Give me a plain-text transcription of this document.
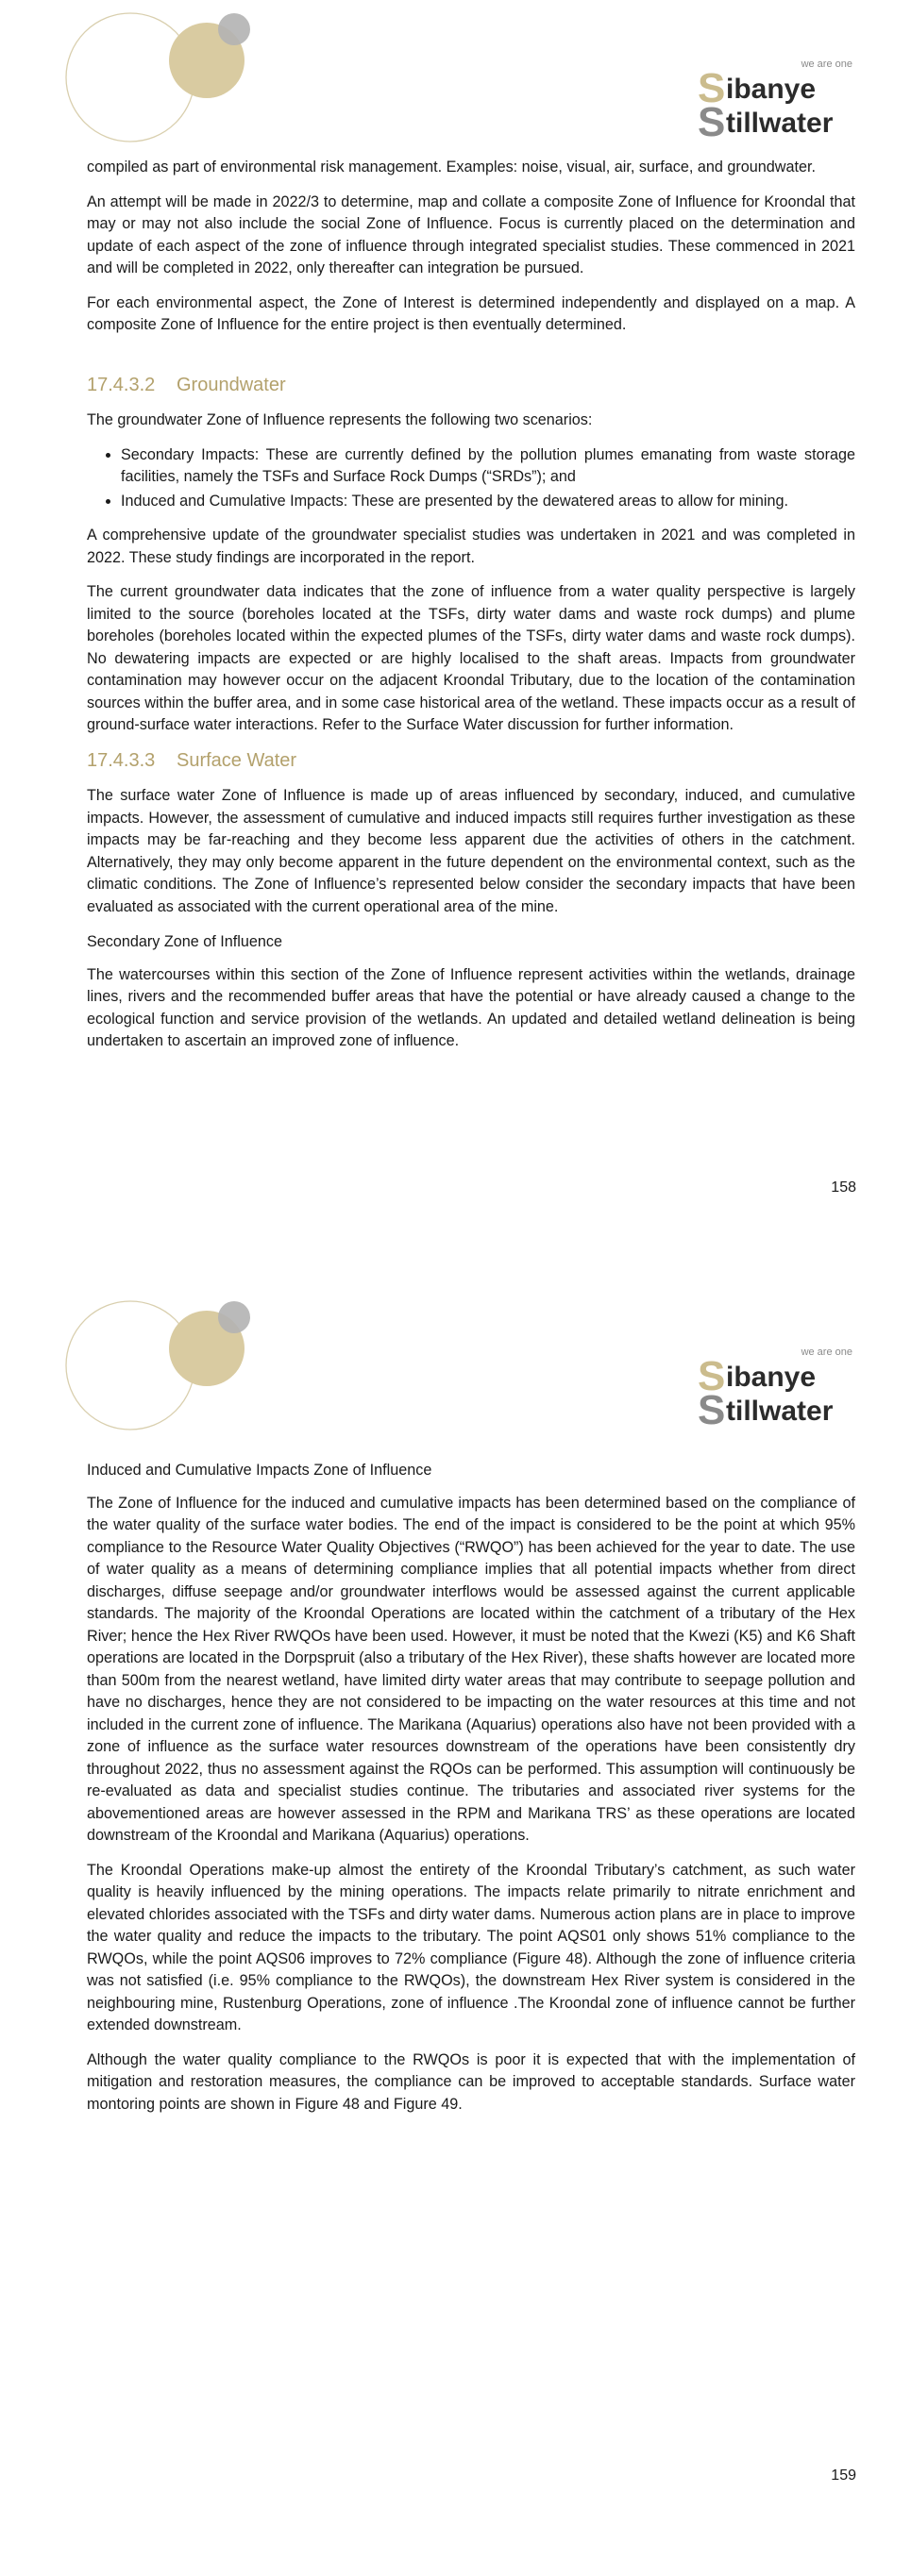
we are one
S ibanye
S tillwater

compiled as part of environmental risk management. Examples: noise, visual, air, surface, and groundwater.

An attempt will be made in 2022/3 to determine, map and collate a composite Zone of Influence for Kroondal that may or may not also include the social Zone of Influence. Focus is currently placed on the determination and update of each aspect of the zone of influence through integrated specialist studies. These commenced in 2021 and will be completed in 2022, only thereafter can integration be pursued.

For each environmental aspect, the Zone of Interest is determined independently and displayed on a map. A composite Zone of Influence for the entire project is then eventually determined.

17.4.3.2 Groundwater

The groundwater Zone of Influence represents the following two scenarios:

• Secondary Impacts: These are currently defined by the pollution plumes emanating from waste storage facilities, namely the TSFs and Surface Rock Dumps (“SRDs”); and
• Induced and Cumulative Impacts: These are presented by the dewatered areas to allow for mining.

A comprehensive update of the groundwater specialist studies was undertaken in 2021 and was completed in 2022. These study findings are incorporated in the report.

The current groundwater data indicates that the zone of influence from a water quality perspective is largely limited to the source (boreholes located at the TSFs, dirty water dams and waste rock dumps) and plume boreholes (boreholes located within the expected plumes of the TSFs, dirty water dams and waste rock dumps). No dewatering impacts are expected or are highly localised to the shaft areas. Impacts from groundwater contamination may however occur on the adjacent Kroondal Tributary, due to the location of the contamination sources within the buffer area, and in some case historical area of the wetland. These impacts occur as a result of ground-surface water interactions. Refer to the Surface Water discussion for further information.

17.4.3.3 Surface Water

The surface water Zone of Influence is made up of areas influenced by secondary, induced, and cumulative impacts. However, the assessment of cumulative and induced impacts still requires further investigation as these impacts may be far-reaching and they become less apparent due the activities of others in the catchment. Alternatively, they may only become apparent in the future dependent on the environmental context, such as the climatic conditions. The Zone of Influence’s represented below consider the secondary impacts that have been evaluated as associated with the current operational area of the mine.

Secondary Zone of Influence

The watercourses within this section of the Zone of Influence represent activities within the wetlands, drainage lines, rivers and the recommended buffer areas that have the potential or have already caused a change to the ecological function and service provision of the wetlands. An updated and detailed wetland delineation is being undertaken to ascertain an improved zone of influence.

158
we are one
S ibanye
S tillwater
Induced and Cumulative Impacts Zone of Influence

The Zone of Influence for the induced and cumulative impacts has been determined based on the compliance of the water quality of the surface water bodies. The end of the impact is considered to be the point at which 95% compliance to the Resource Water Quality Objectives (“RWQO”) has been achieved for the year to date. The use of water quality as a means of determining compliance implies that all potential impacts whether from direct discharges, diffuse seepage and/or groundwater interflows would be assessed against the current applicable standards. The majority of the Kroondal Operations are located within the catchment of a tributary of the Hex River; hence the Hex River RWQOs have been used. However, it must be noted that the Kwezi (K5) and K6 Shaft operations are located in the Dorpspruit (also a tributary of the Hex River), these shafts however are located more than 500m from the nearest wetland, have limited dirty water areas that may contribute to seepage pollution and have no discharges, hence they are not considered to be impacting on the water resources at this time and not included in the current zone of influence. The Marikana (Aquarius) operations also have not been provided with a zone of influence as the surface water resources downstream of the operations have been consistently dry throughout 2022, thus no assessment against the RQOs can be performed. This assumption will continuously be re-evaluated as data and specialist studies continue. The tributaries and associated river systems for the abovementioned areas are however assessed in the RPM and Marikana TRS’ as these operations are located downstream of the Kroondal and Marikana (Aquarius) operations.

The Kroondal Operations make-up almost the entirety of the Kroondal Tributary’s catchment, as such water quality is heavily influenced by the mining operations. The impacts relate primarily to nitrate enrichment and elevated chlorides associated with the TSFs and dirty water dams. Numerous action plans are in place to improve the water quality and reduce the impacts to the tributary. The point AQS01 only shows 51% compliance to the RWQOs, while the point AQS06 improves to 72% compliance (Figure 48). Although the zone of influence criteria was not satisfied (i.e. 95% compliance to the RWQOs), the downstream Hex River system is considered in the neighbouring mine, Rustenburg Operations, zone of influence .The Kroondal zone of influence cannot be further extended downstream.

Although the water quality compliance to the RWQOs is poor it is expected that with the implementation of mitigation and restoration measures, the compliance can be improved to acceptable standards. Surface water montoring points are shown in Figure 48 and Figure 49.

159
